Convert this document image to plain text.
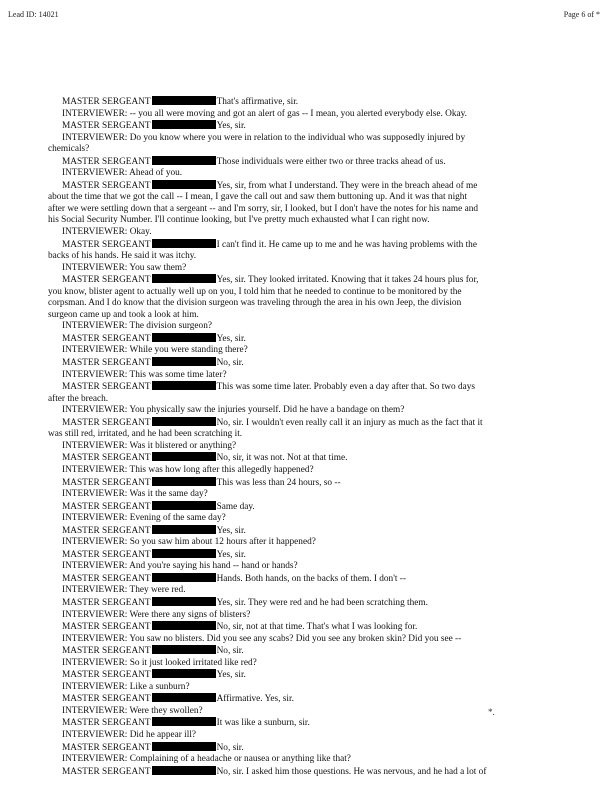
Lead ID: 14021	Page 6 of *
MASTER SERGEANT	That's affirmative, sir.
INTERVIEWER: -- you all were moving and got an alert of gas -- I mean, you alerted everybody else. Okay.
MASTER SERGEANT	Yes, sir.
INTERVIEWER: Do you know where you were in relation to the individual who was supposedly injured by
chemicals?
MASTER SERGEANT	Those individuals were either two or three tracks ahead of us.
INTERVIEWER: Ahead of you.
MASTER SERGEANT	Yes, sir, from what I understand. They were in the breach ahead of me
about the time that we got the call -- I mean, I gave the call out and saw them buttoning up. And it was that night
after we were settling down that a sergeant -- and I'm sorry, sir, I looked, but I don't have the notes for his name and
his Social Security Number. I'll continue looking, but I've pretty much exhausted what I can right now.
INTERVIEWER: Okay.
MASTER SERGEANT	I can't find it. He came up to me and he was having problems with the
backs of his hands. He said it was itchy.
INTERVIEWER: You saw them?
MASTER SERGEANT	Yes, sir. They looked irritated. Knowing that it takes 24 hours plus for,
you know, blister agent to actually well up on you, I told him that he needed to continue to be monitored by the
corpsman. And I do know that the division surgeon was traveling through the area in his own Jeep, the division
surgeon came up and took a look at him.
INTERVIEWER: The division surgeon?
MASTER SERGEANT	Yes, sir.
INTERVIEWER: While you were standing there?
MASTER SERGEANT	No, sir.
INTERVIEWER: This was some time later?
MASTER SERGEANT	This was some time later. Probably even a day after that. So two days
after the breach.
INTERVIEWER: You physically saw the injuries yourself. Did he have a bandage on them?
MASTER SERGEANT	No, sir. I wouldn't even really call it an injury as much as the fact that it
was still red, irritated, and he had been scratching it.
INTERVIEWER: Was it blistered or anything?
MASTER SERGEANT	No, sir, it was not. Not at that time.
INTERVIEWER: This was how long after this allegedly happened?
MASTER SERGEANT	This was less than 24 hours, so --
INTERVIEWER: Was it the same day?
MASTER SERGEANT	Same day.
INTERVIEWER: Evening of the same day?
MASTER SERGEANT	Yes, sir.
INTERVIEWER: So you saw him about 12 hours after it happened?
MASTER SERGEANT	Yes, sir.
INTERVIEWER: And you're saying his hand -- hand or hands?
MASTER SERGEANT	Hands. Both hands, on the backs of them. I don't --
INTERVIEWER: They were red.
MASTER SERGEANT	Yes, sir. They were red and he had been scratching them.
INTERVIEWER: Were there any signs of blisters?
MASTER SERGEANT	No, sir, not at that time. That's what I was looking for.
INTERVIEWER: You saw no blisters. Did you see any scabs? Did you see any broken skin? Did you see --
MASTER SERGEANT	No, sir.
INTERVIEWER: So it just looked irritated like red?
MASTER SERGEANT	Yes, sir.
INTERVIEWER: Like a sunburn?
MASTER SERGEANT	Affirmative. Yes, sir.
INTERVIEWER: Were they swollen?
MASTER SERGEANT	It was like a sunburn, sir.
INTERVIEWER: Did he appear ill?
MASTER SERGEANT	No, sir.
INTERVIEWER: Complaining of a headache or nausea or anything like that?
MASTER SERGEANT	No, sir. I asked him those questions. He was nervous, and he had a lot of
*.
